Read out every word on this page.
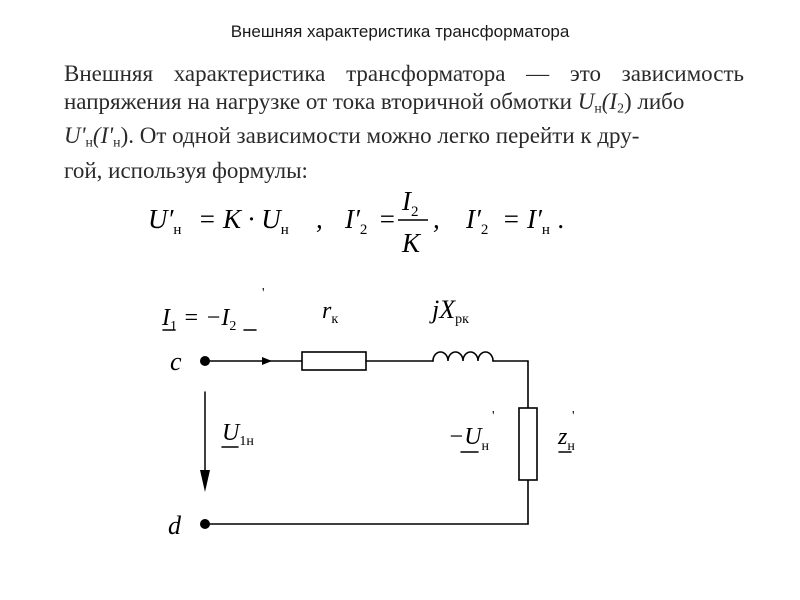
Внешняя характеристика трансформатора
Внешняя характеристика трансформатора — это зависимость
напряжения на нагрузке от тока вторичной обмотки $U_н(I_2)$ либо
$U'_н(I'_н)$. От одной зависимости можно легко перейти к дру-
гой, используя формулы:
$U'_н = K \cdot U_н$ , $I'_2$ =
$I_2$
K
, $I'_2 = I'_н$ .
$I_1 = -I_2$
'
$r_к$	jXрк
c
d
$U_{1н}$	$-U_н$
'
$z_н$
'
